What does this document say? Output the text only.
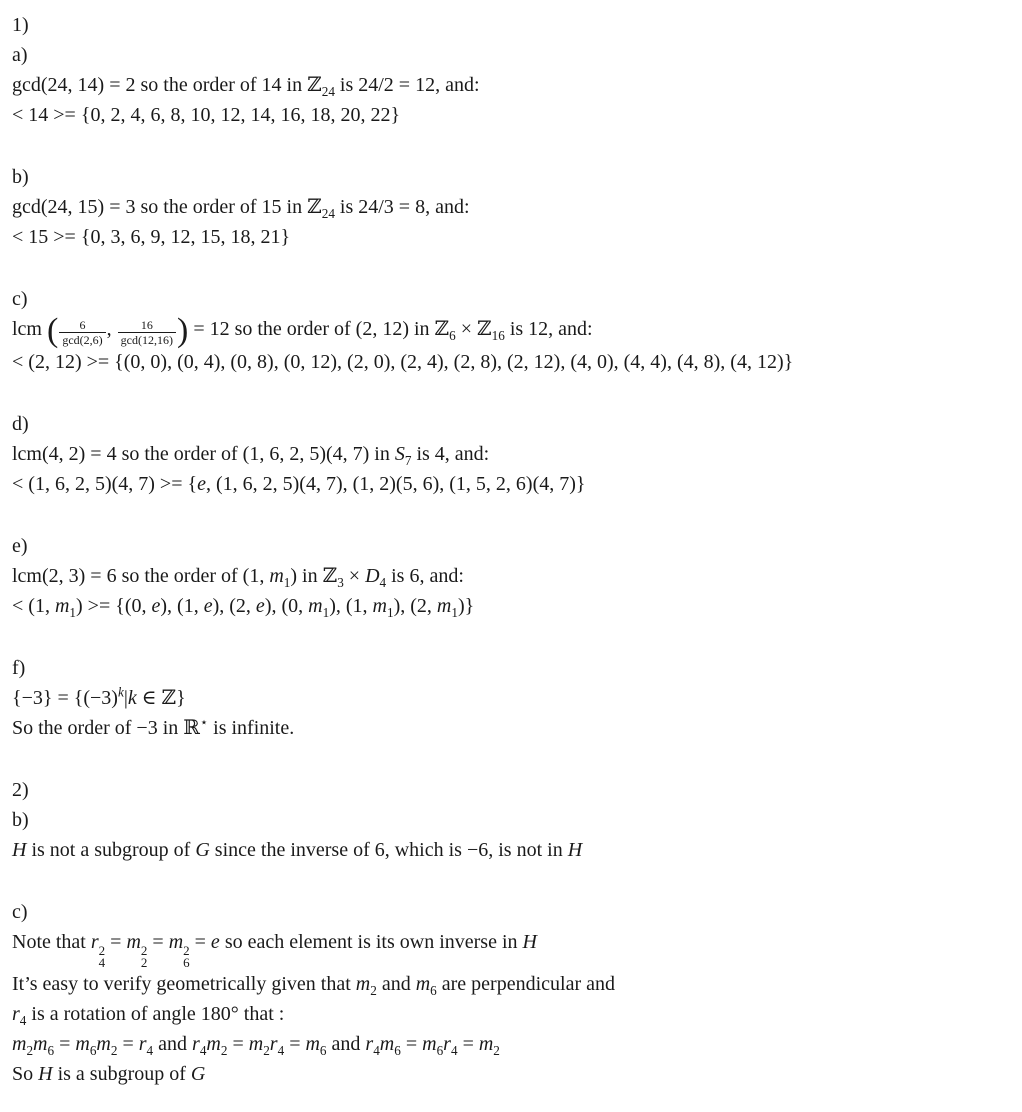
1)
a)
gcd(24, 14) = 2 so the order of 14 in ℤ$_{24}$ is 24/2 = 12, and:
< 14 >= {0, 2, 4, 6, 8, 10, 12, 14, 16, 18, 20, 22}
b)
gcd(24, 15) = 3 so the order of 15 in ℤ$_{24}$ is 24/3 = 8, and:
< 15 >= {0, 3, 6, 9, 12, 15, 18, 21}
c)
lcm ( $\frac{6}{\gcd(2,6)}$ , $\frac{16}{\gcd(12,16)}$ ) = 12 so the order of (2, 12) in ℤ$_6$ × ℤ$_{16}$ is 12, and:
< (2, 12) >= {(0, 0), (0, 4), (0, 8), (0, 12), (2, 0), (2, 4), (2, 8), (2, 12), (4, 0), (4, 4), (4, 8), (4, 12)}
d)
lcm(4, 2) = 4 so the order of (1, 6, 2, 5)(4, 7) in $S_7$ is 4, and:
< (1, 6, 2, 5)(4, 7) >= {e, (1, 6, 2, 5)(4, 7), (1, 2)(5, 6), (1, 5, 2, 6)(4, 7)}
e)
lcm(2, 3) = 6 so the order of (1, $m_1$) in ℤ$_3$ × $D_4$ is 6, and:
< (1, $m_1) >= \{(0$, e), (1, e), (2, e), (0, $m_1$), (1, $m_1$), (2, $m_1$)}
f)
$\{-3\} = \{(-3)^k|k$ ∈ ℤ}
So the order of −3 in ℝ⋆ is infinite.
2)
b)
H is not a subgroup of G since the inverse of 6, which is −6, is not in H
c)
Note that r 2
4
= m 2
2
= m 2
6
= e so each element is its own inverse in H
It’s easy to verify geometrically given that $m_2$ and $m_6$ are perpendicular and
$r_4$ is a rotation of angle 180° that :
$m_2m_6 = m_6m_2 = r_4$ and $r_4m_2 = m_2r_4 = m_6$ and $r_4m_6 = m_6r_4 = m_2$
So H is a subgroup of G
